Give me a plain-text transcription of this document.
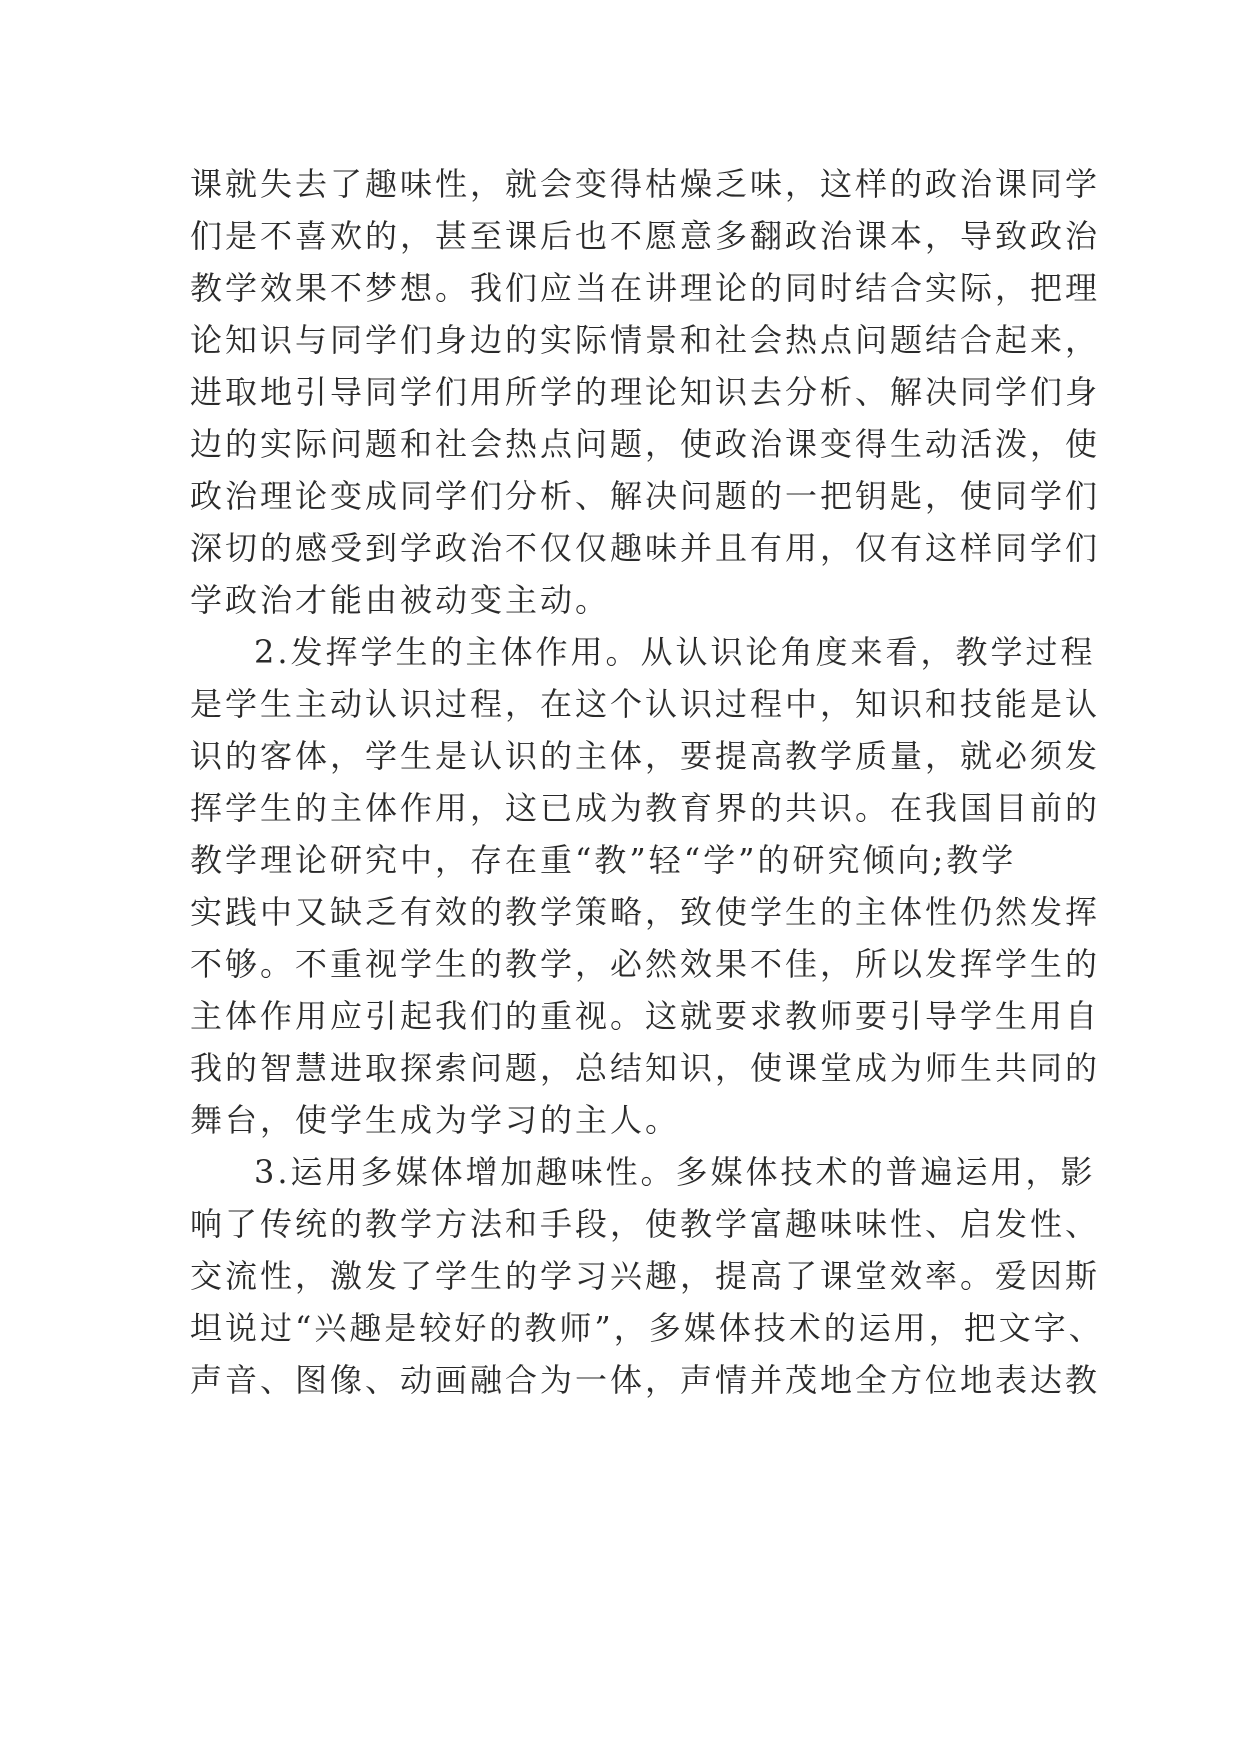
课就失去了趣味性，就会变得枯燥乏味，这样的政治课同学
们是不喜欢的，甚至课后也不愿意多翻政治课本，导致政治
教学效果不梦想。我们应当在讲理论的同时结合实际，把理
论知识与同学们身边的实际情景和社会热点问题结合起来，
进取地引导同学们用所学的理论知识去分析、解决同学们身
边的实际问题和社会热点问题，使政治课变得生动活泼，使
政治理论变成同学们分析、解决问题的一把钥匙，使同学们
深切的感受到学政治不仅仅趣味并且有用，仅有这样同学们
学政治才能由被动变主动。
2.发挥学生的主体作用。从认识论角度来看，教学过程
是学生主动认识过程，在这个认识过程中，知识和技能是认
识的客体，学生是认识的主体，要提高教学质量，就必须发
挥学生的主体作用，这已成为教育界的共识。在我国目前的
教学理论研究中，存在重“教”轻“学”的研究倾向;教学
实践中又缺乏有效的教学策略，致使学生的主体性仍然发挥
不够。不重视学生的教学，必然效果不佳，所以发挥学生的
主体作用应引起我们的重视。这就要求教师要引导学生用自
我的智慧进取探索问题，总结知识，使课堂成为师生共同的
舞台，使学生成为学习的主人。
3.运用多媒体增加趣味性。多媒体技术的普遍运用，影
响了传统的教学方法和手段，使教学富趣味味性、启发性、
交流性，激发了学生的学习兴趣，提高了课堂效率。爱因斯
坦说过“兴趣是较好的教师”，多媒体技术的运用，把文字、
声音、图像、动画融合为一体，声情并茂地全方位地表达教
